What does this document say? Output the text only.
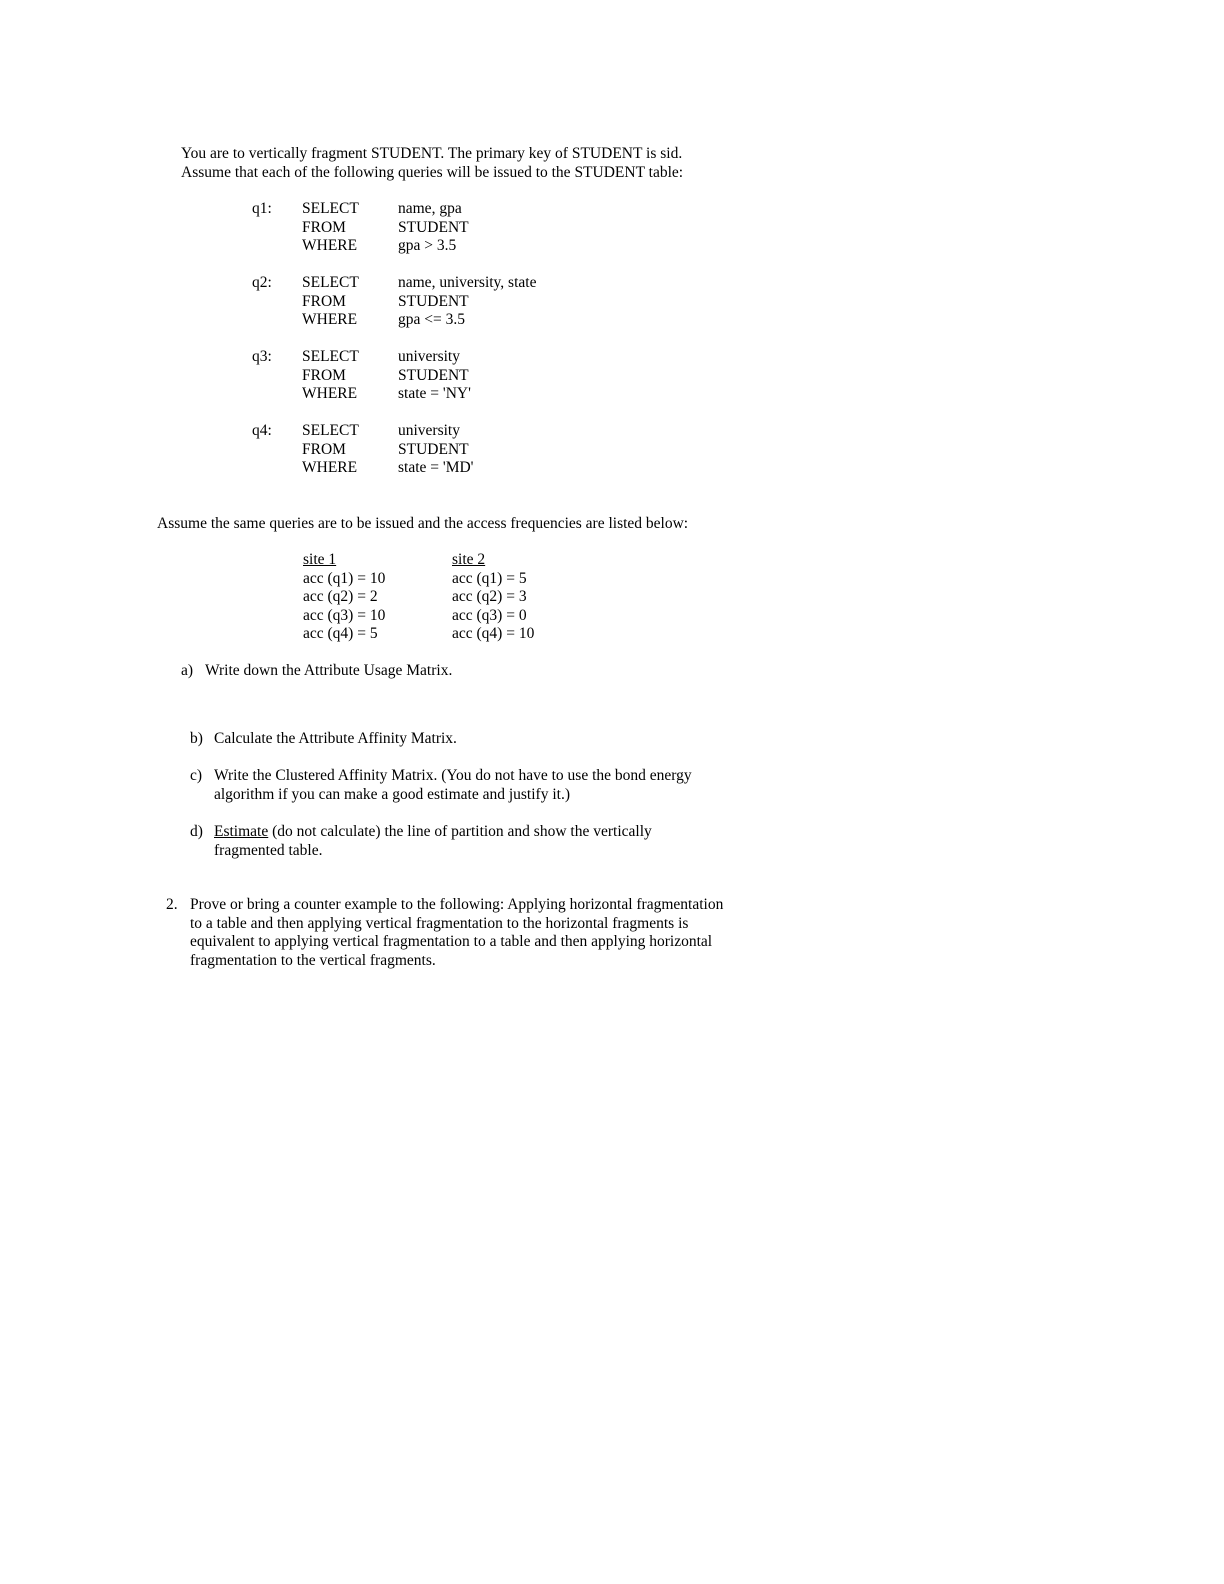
You are to vertically fragment STUDENT. The primary key of STUDENT is sid.
Assume that each of the following queries will be issued to the STUDENT table:
q1: SELECT
FROM
WHERE
name, gpa
STUDENT
gpa > 3.5
q2: SELECT
FROM
WHERE
name, university, state
STUDENT
gpa <= 3.5
q3: SELECT
FROM
WHERE
university
STUDENT
state = 'NY'
q4: SELECT
FROM
WHERE
university
STUDENT
state = 'MD'
Assume the same queries are to be issued and the access frequencies are listed below:
site 1
acc (q1) = 10
acc (q2) = 2
acc (q3) = 10
acc (q4) = 5
site 2
acc (q1) = 5
acc (q2) = 3
acc (q3) = 0
acc (q4) = 10
a) Write down the Attribute Usage Matrix.
b) Calculate the Attribute Affinity Matrix.
c) Write the Clustered Affinity Matrix. (You do not have to use the bond energy
algorithm if you can make a good estimate and justify it.)
d) Estimate (do not calculate) the line of partition and show the vertically
fragmented table.
2. Prove or bring a counter example to the following: Applying horizontal fragmentation
to a table and then applying vertical fragmentation to the horizontal fragments is
equivalent to applying vertical fragmentation to a table and then applying horizontal
fragmentation to the vertical fragments.
